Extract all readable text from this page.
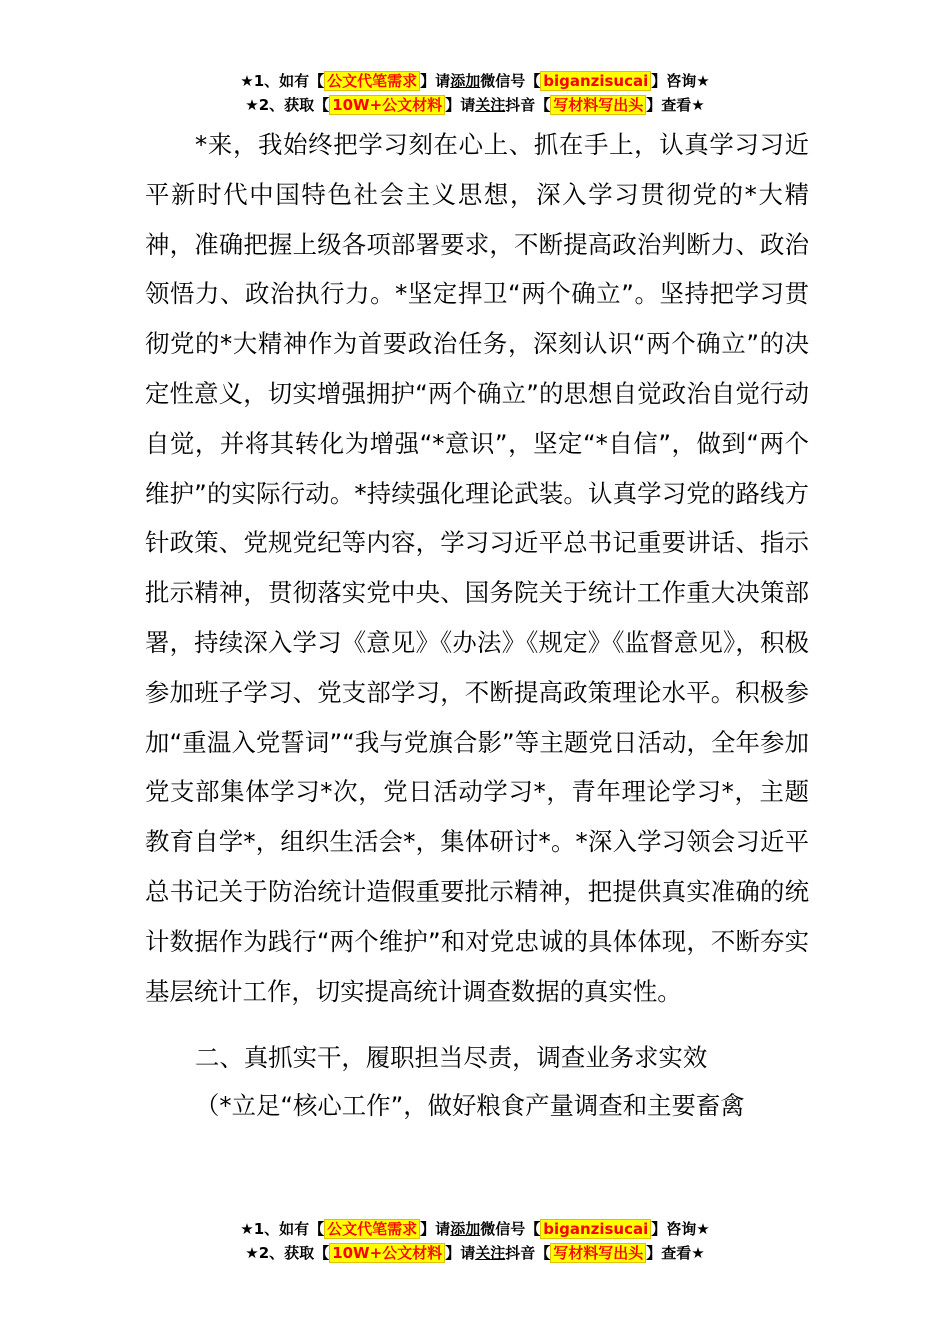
★1、如有【 公文代笔需求 】请添加微信号【 biganzisucai 】咨询★
★2、获取【 10W+公文材料 】请关注抖音【 写材料写出头 】查看★

*来，我始终把学习刻在心上、抓在手上，认真学习习近平新时代中国特色社会主义思想，深入学习贯彻党的*大精神，准确把握上级各项部署要求，不断提高政治判断力、政治领悟力、政治执行力。*坚定捍卫“两个确立”。坚持把学习贯彻党的*大精神作为首要政治任务，深刻认识“两个确立”的决定性意义，切实增强拥护“两个确立”的思想自觉政治自觉行动自觉，并将其转化为增强“*意识”，坚定“*自信”，做到“两个维护”的实际行动。*持续强化理论武装。认真学习党的路线方针政策、党规党纪等内容，学习习近平总书记重要讲话、指示批示精神，贯彻落实党中央、国务院关于统计工作重大决策部署，持续深入学习《意见》《办法》《规定》《监督意见》，积极参加班子学习、党支部学习，不断提高政策理论水平。积极参加“重温入党誓词”“我与党旗合影”等主题党日活动，全年参加党支部集体学习*次，党日活动学习*，青年理论学习*，主题教育自学*，组织生活会*，集体研讨*。*深入学习领会习近平总书记关于防治统计造假重要批示精神，把提供真实准确的统计数据作为践行“两个维护”和对党忠诚的具体体现，不断夯实基层统计工作，切实提高统计调查数据的真实性。

二、真抓实干，履职担当尽责，调查业务求实效

（*立足“核心工作”，做好粮食产量调查和主要畜禽

★1、如有【 公文代笔需求 】请添加微信号【 biganzisucai 】咨询★
★2、获取【 10W+公文材料 】请关注抖音【 写材料写出头 】查看★
